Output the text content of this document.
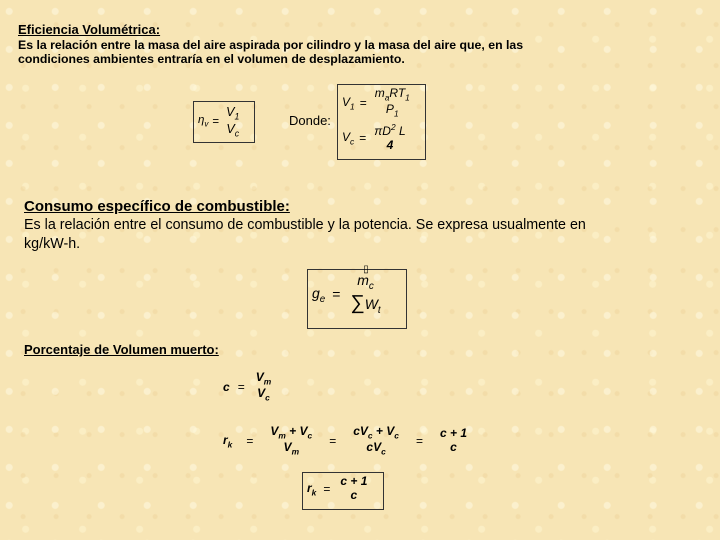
Eficiencia Volumétrica:
Es la relación entre la masa del aire aspirada por cilindro y la masa del aire que, en las
condiciones ambientes entraría en el volumen de desplazamiento.
$\eta_v$ =
$V_1$
$V_c$
Donde:
$V_1$ =
$m_aRT_1$
$P_1$
$V_c = \pi D^2$ L
4
Consumo específico de combustible:
Es la relación entre el consumo de combustible y la potencia. Se expresa usualmente en
kg/kW-h.
$g_e$ =
▯
$m_c$
$\sum W_t$
Porcentaje de Volumen muerto:
c =
$V_m$
$V_c$
$r_k$ =
$V_m + V_c$
$V_m$
=
$cV_c + V_c$
$cV_c$
=
c + 1
c
$r_k$ =
c + 1
c
